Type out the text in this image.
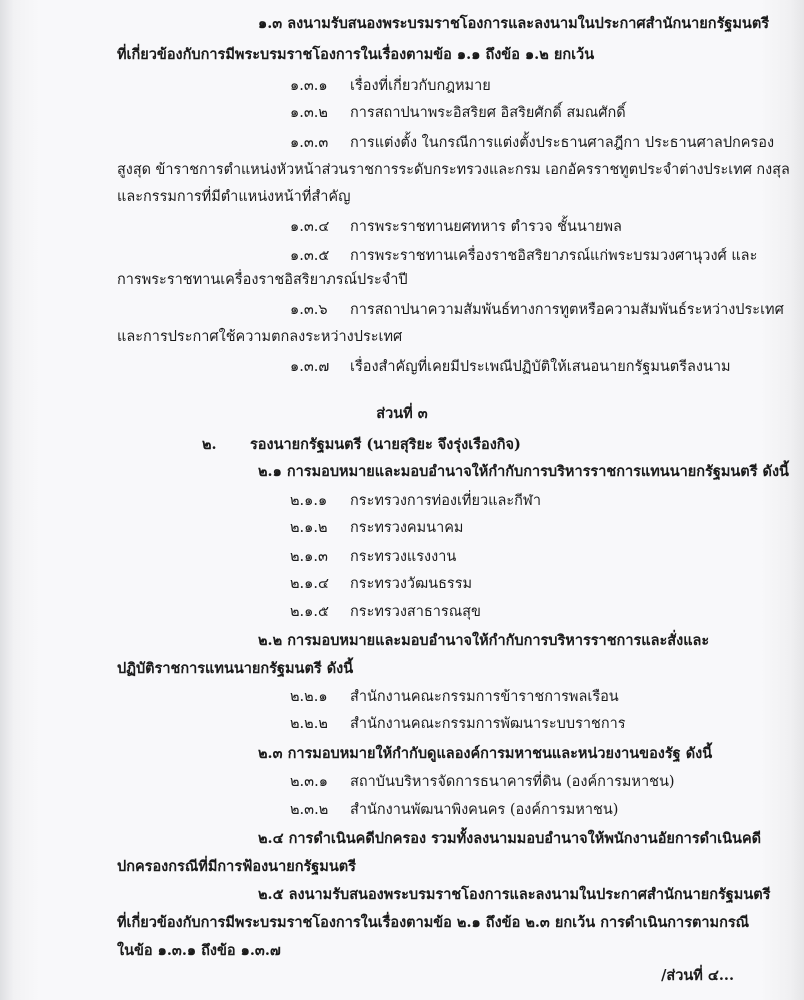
๑.๓ ลงนามรับสนองพระบรมราชโองการและลงนามในประกาศสำนักนายกรัฐมนตรี
ที่เกี่ยวข้องกับการมีพระบรมราชโองการในเรื่องตามข้อ ๑.๑ ถึงข้อ ๑.๒ ยกเว้น
๑.๓.๑ เรื่องที่เกี่ยวกับกฎหมาย
๑.๓.๒ การสถาปนาพระอิสริยศ อิสริยศักดิ์ สมณศักดิ์
๑.๓.๓ การแต่งตั้ง ในกรณีการแต่งตั้งประธานศาลฎีกา ประธานศาลปกครอง
สูงสุด ข้าราชการตำแหน่งหัวหน้าส่วนราชการระดับกระทรวงและกรม เอกอัครราชทูตประจำต่างประเทศ กงสุล
และกรรมการที่มีตำแหน่งหน้าที่สำคัญ
๑.๓.๔ การพระราชทานยศทหาร ตำรวจ ชั้นนายพล
๑.๓.๕ การพระราชทานเครื่องราชอิสริยาภรณ์แก่พระบรมวงศานุวงศ์ และ
การพระราชทานเครื่องราชอิสริยาภรณ์ประจำปี
๑.๓.๖ การสถาปนาความสัมพันธ์ทางการทูตหรือความสัมพันธ์ระหว่างประเทศ
และการประกาศใช้ความตกลงระหว่างประเทศ
๑.๓.๗ เรื่องสำคัญที่เคยมีประเพณีปฏิบัติให้เสนอนายกรัฐมนตรีลงนาม
ส่วนที่ ๓
๒. รองนายกรัฐมนตรี (นายสุริยะ จึงรุ่งเรืองกิจ)
๒.๑ การมอบหมายและมอบอำนาจให้กำกับการบริหารราชการแทนนายกรัฐมนตรี ดังนี้
๒.๑.๑ กระทรวงการท่องเที่ยวและกีฬา
๒.๑.๒ กระทรวงคมนาคม
๒.๑.๓ กระทรวงแรงงาน
๒.๑.๔ กระทรวงวัฒนธรรม
๒.๑.๕ กระทรวงสาธารณสุข
๒.๒ การมอบหมายและมอบอำนาจให้กำกับการบริหารราชการและสั่งและ
ปฏิบัติราชการแทนนายกรัฐมนตรี ดังนี้
๒.๒.๑ สำนักงานคณะกรรมการข้าราชการพลเรือน
๒.๒.๒ สำนักงานคณะกรรมการพัฒนาระบบราชการ
๒.๓ การมอบหมายให้กำกับดูแลองค์การมหาชนและหน่วยงานของรัฐ ดังนี้
๒.๓.๑ สถาบันบริหารจัดการธนาคารที่ดิน (องค์การมหาชน)
๒.๓.๒ สำนักงานพัฒนาพิงคนคร (องค์การมหาชน)
๒.๔ การดำเนินคดีปกครอง รวมทั้งลงนามมอบอำนาจให้พนักงานอัยการดำเนินคดี
ปกครองกรณีที่มีการฟ้องนายกรัฐมนตรี
๒.๕ ลงนามรับสนองพระบรมราชโองการและลงนามในประกาศสำนักนายกรัฐมนตรี
ที่เกี่ยวข้องกับการมีพระบรมราชโองการในเรื่องตามข้อ ๒.๑ ถึงข้อ ๒.๓ ยกเว้น การดำเนินการตามกรณี
ในข้อ ๑.๓.๑ ถึงข้อ ๑.๓.๗
/ส่วนที่ ๔...
